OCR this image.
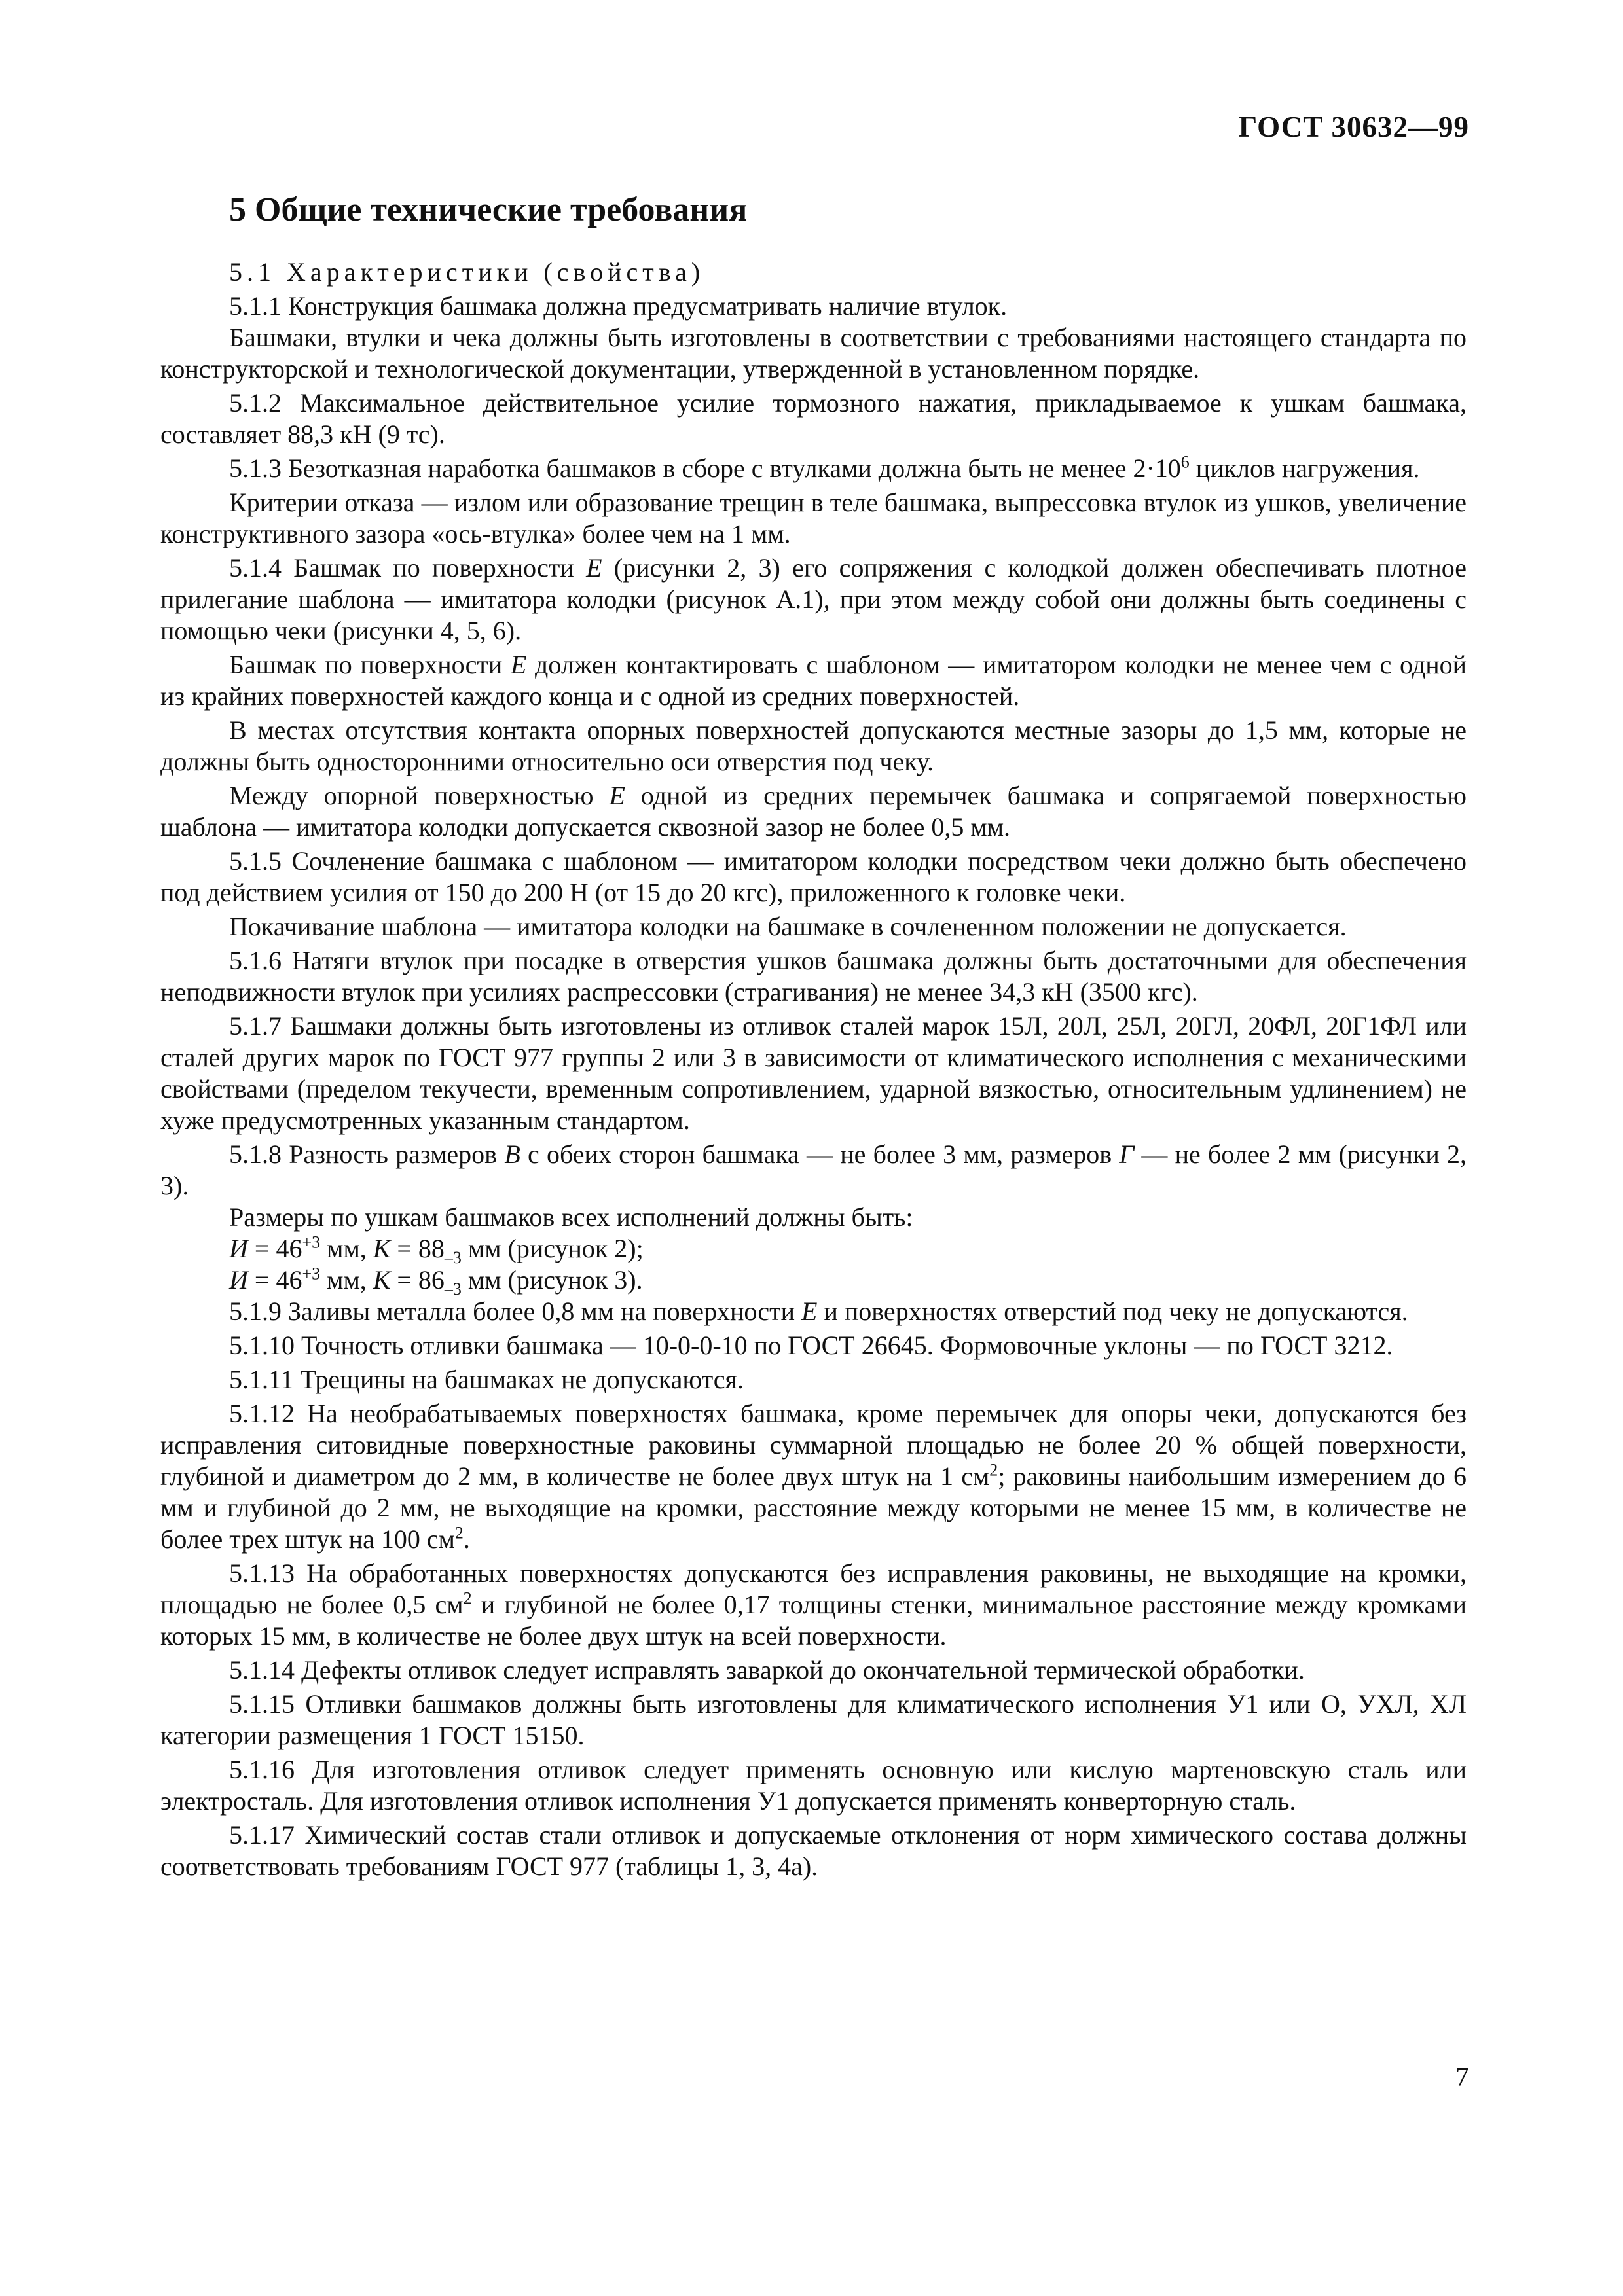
ГОСТ 30632—99
5 Общие технические требования

5.1 Характеристики (свойства)

5.1.1 Конструкция башмака должна предусматривать наличие втулок.

Башмаки, втулки и чека должны быть изготовлены в соответствии с требованиями настоящего стандарта по конструкторской и технологической документации, утвержденной в установленном порядке.

5.1.2 Максимальное действительное усилие тормозного нажатия, прикладываемое к ушкам башмака, составляет 88,3 кН (9 тс).

5.1.3 Безотказная наработка башмаков в сборе с втулками должна быть не менее $2\cdot 10^6$ циклов нагружения.

Критерии отказа — излом или образование трещин в теле башмака, выпрессовка втулок из ушков, увеличение конструктивного зазора «ось-втулка» более чем на 1 мм.

5.1.4 Башмак по поверхности Е (рисунки 2, 3) его сопряжения с колодкой должен обеспечивать плотное прилегание шаблона — имитатора колодки (рисунок А.1), при этом между собой они должны быть соединены с помощью чеки (рисунки 4, 5, 6).

Башмак по поверхности Е должен контактировать с шаблоном — имитатором колодки не менее чем с одной из крайних поверхностей каждого конца и с одной из средних поверхностей.

В местах отсутствия контакта опорных поверхностей допускаются местные зазоры до 1,5 мм, которые не должны быть односторонними относительно оси отверстия под чеку.

Между опорной поверхностью Е одной из средних перемычек башмака и сопрягаемой поверхностью шаблона — имитатора колодки допускается сквозной зазор не более 0,5 мм.

5.1.5 Сочленение башмака с шаблоном — имитатором колодки посредством чеки должно быть обеспечено под действием усилия от 150 до 200 Н (от 15 до 20 кгс), приложенного к головке чеки.

Покачивание шаблона — имитатора колодки на башмаке в сочлененном положении не допускается.

5.1.6 Натяги втулок при посадке в отверстия ушков башмака должны быть достаточными для обеспечения неподвижности втулок при усилиях распрессовки (страгивания) не менее 34,3 кН (3500 кгс).

5.1.7 Башмаки должны быть изготовлены из отливок сталей марок 15Л, 20Л, 25Л, 20ГЛ, 20ФЛ, 20Г1ФЛ или сталей других марок по ГОСТ 977 группы 2 или 3 в зависимости от климатического исполнения с механическими свойствами (пределом текучести, временным сопротивлением, ударной вязкостью, относительным удлинением) не хуже предусмотренных указанным стандартом.

5.1.8 Разность размеров В с обеих сторон башмака — не более 3 мм, размеров Г — не более 2 мм (рисунки 2, 3).

Размеры по ушкам башмаков всех исполнений должны быть:

$И = 46^{+3}$ мм, $К = 88_{-3}$ мм (рисунок 2);

$И = 46^{+3}$ мм, $К = 86_{-3}$ мм (рисунок 3).

5.1.9 Заливы металла более 0,8 мм на поверхности Е и поверхностях отверстий под чеку не допускаются.

5.1.10 Точность отливки башмака — 10-0-0-10 по ГОСТ 26645. Формовочные уклоны — по ГОСТ 3212.

5.1.11 Трещины на башмаках не допускаются.

5.1.12 На необрабатываемых поверхностях башмака, кроме перемычек для опоры чеки, допускаются без исправления ситовидные поверхностные раковины суммарной площадью не более 20 % общей поверхности, глубиной и диаметром до 2 мм, в количестве не более двух штук на 1 $см^2$; раковины наибольшим измерением до 6 мм и глубиной до 2 мм, не выходящие на кромки, расстояние между которыми не менее 15 мм, в количестве не более трех штук на 100 $см^2$.

5.1.13 На обработанных поверхностях допускаются без исправления раковины, не выходящие на кромки, площадью не более 0,5 $см^2$ и глубиной не более 0,17 толщины стенки, минимальное расстояние между кромками которых 15 мм, в количестве не более двух штук на всей поверхности.

5.1.14 Дефекты отливок следует исправлять заваркой до окончательной термической обработки.

5.1.15 Отливки башмаков должны быть изготовлены для климатического исполнения У1 или О, УХЛ, ХЛ категории размещения 1 ГОСТ 15150.

5.1.16 Для изготовления отливок следует применять основную или кислую мартеновскую сталь или электросталь. Для изготовления отливок исполнения У1 допускается применять конверторную сталь.

5.1.17 Химический состав стали отливок и допускаемые отклонения от норм химического состава должны соответствовать требованиям ГОСТ 977 (таблицы 1, 3, 4а).

7
